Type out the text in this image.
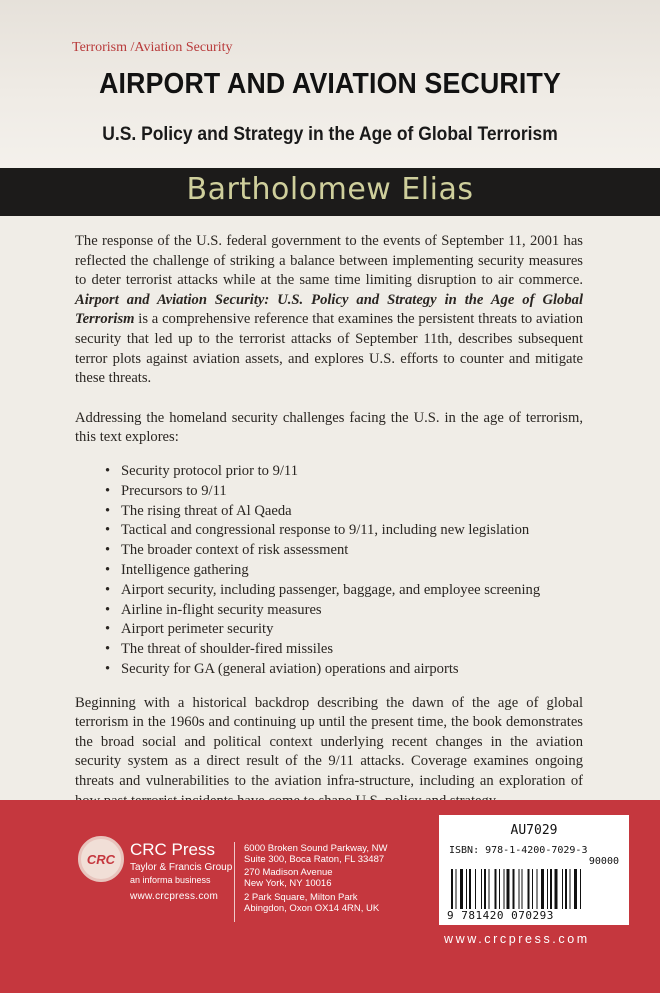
Terrorism /Aviation Security
AIRPORT AND AVIATION SECURITY
U.S. Policy and Strategy in the Age of Global Terrorism
Bartholomew Elias

The response of the U.S. federal government to the events of September 11, 2001 has reflected the challenge of striking a balance between implementing security measures to deter terrorist attacks while at the same time limiting disruption to air commerce. Airport and Aviation Security: U.S. Policy and Strategy in the Age of Global Terrorism is a comprehensive reference that examines the persistent threats to aviation security that led up to the terrorist attacks of September 11th, describes subsequent terror plots against aviation assets, and explores U.S. efforts to counter and mitigate these threats.

Addressing the homeland security challenges facing the U.S. in the age of terrorism, this text explores:

• Security protocol prior to 9/11
• Precursors to 9/11
• The rising threat of Al Qaeda
• Tactical and congressional response to 9/11, including new legislation
• The broader context of risk assessment
• Intelligence gathering
• Airport security, including passenger, baggage, and employee screening
• Airline in-flight security measures
• Airport perimeter security
• The threat of shoulder-fired missiles
• Security for GA (general aviation) operations and airports

Beginning with a historical backdrop describing the dawn of the age of global terrorism in the 1960s and continuing up until the present time, the book demonstrates the broad social and political context underlying recent changes in the aviation security system as a direct result of the 9/11 attacks. Coverage examines ongoing threats and vulnerabilities to the aviation infra-structure, including an exploration of

CRC
CRC Press
Taylor & Francis Group
an informa business
www.crcpress.com
6000 Broken Sound Parkway, NW
Suite 300, Boca Raton, FL 33487
270 Madison Avenue
New York, NY 10016
2 Park Square, Milton Park
Abingdon, Oxon OX14 4RN, UK
AU7029
ISBN: 978-1-4200-7029-3
90000
9 781420 070293
www.crcpress.com
